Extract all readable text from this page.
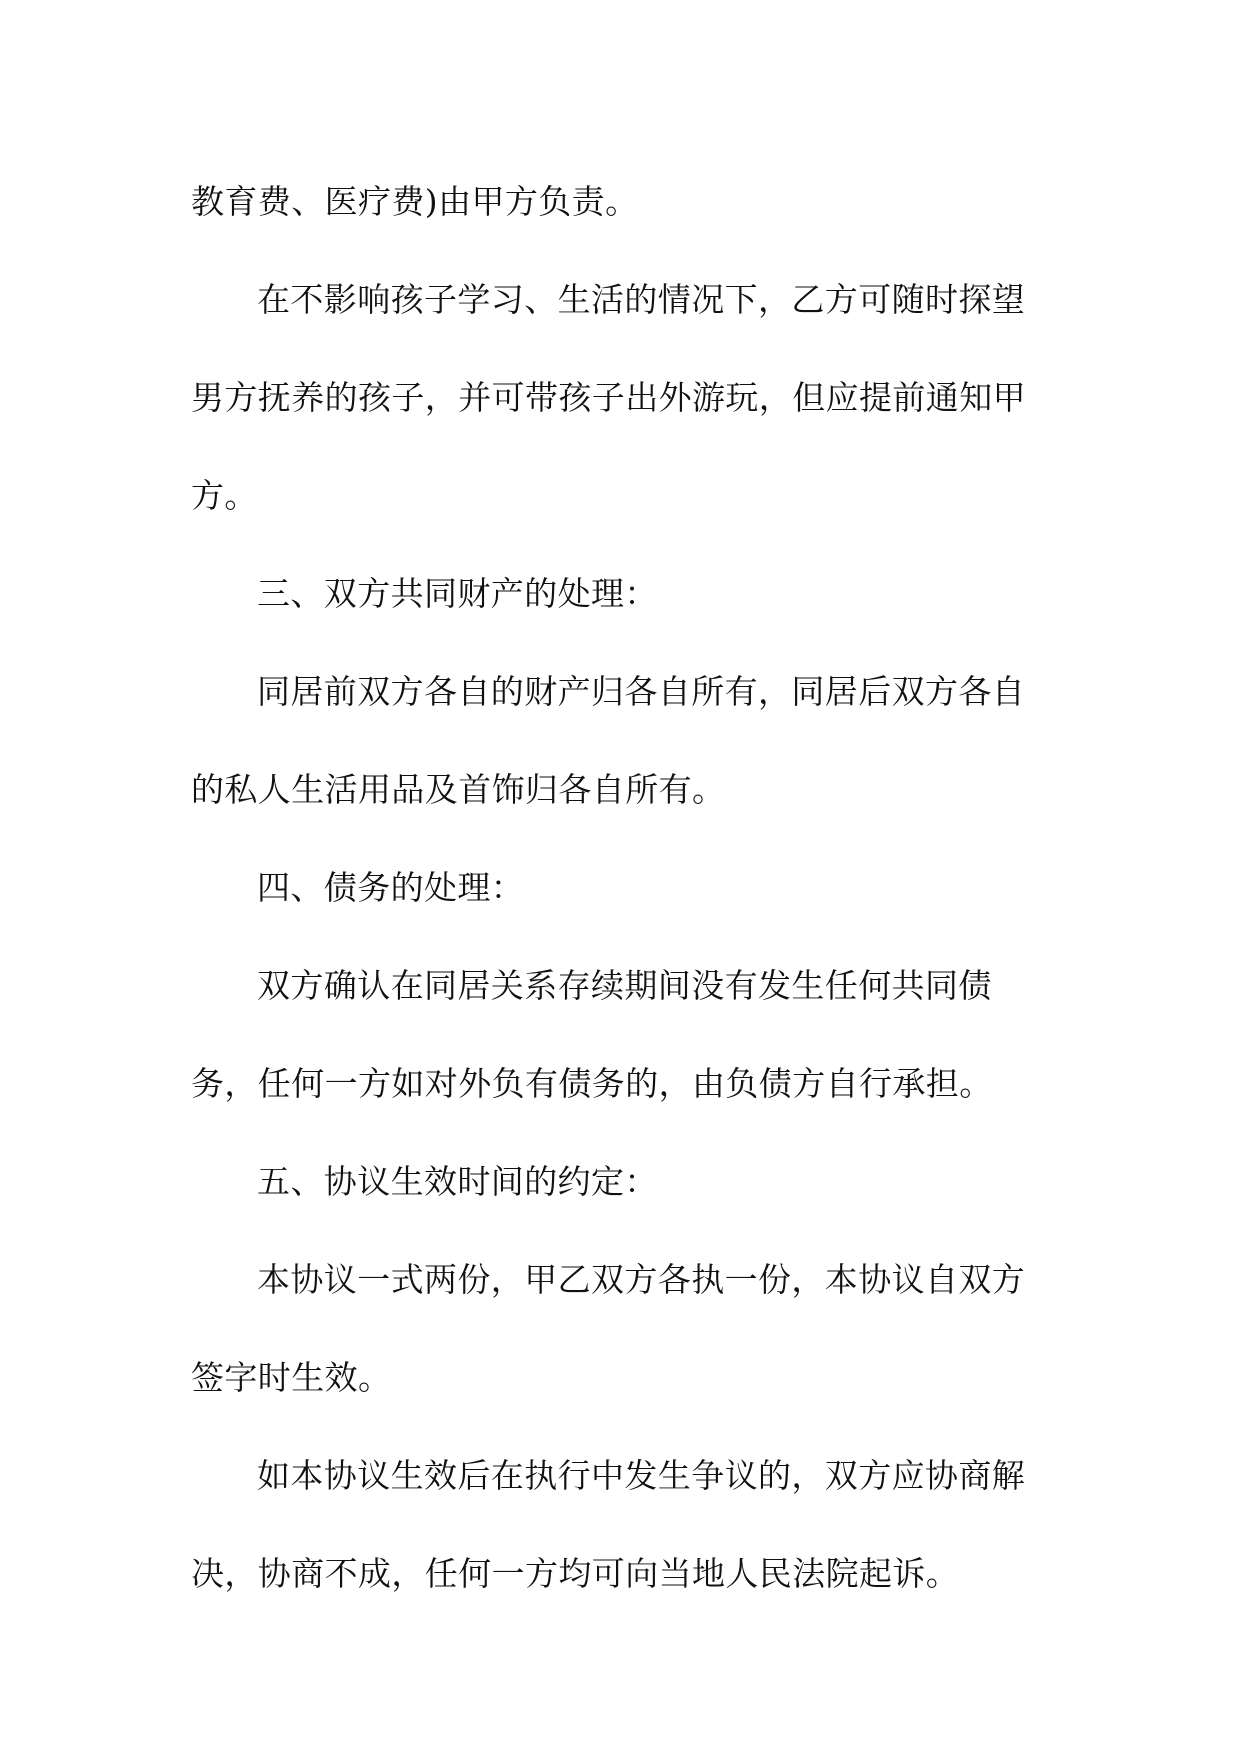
教育费、医疗费)由甲方负责。
在不影响孩子学习、生活的情况下，乙方可随时探望
男方抚养的孩子，并可带孩子出外游玩，但应提前通知甲
方。
三、双方共同财产的处理：
同居前双方各自的财产归各自所有，同居后双方各自
的私人生活用品及首饰归各自所有。
四、债务的处理：
双方确认在同居关系存续期间没有发生任何共同债
务，任何一方如对外负有债务的，由负债方自行承担。
五、协议生效时间的约定：
本协议一式两份，甲乙双方各执一份，本协议自双方
签字时生效。
如本协议生效后在执行中发生争议的，双方应协商解
决，协商不成，任何一方均可向当地人民法院起诉。
